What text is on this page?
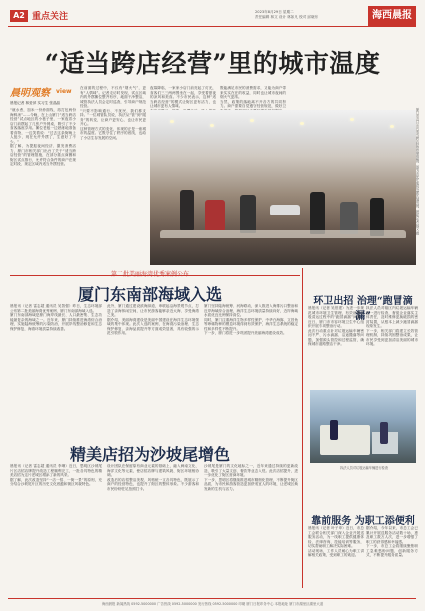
A2 重点关注	2023年8月29日 星期二
责任编辑 林文 设计 林如凡 校对 邱晓东	海西晨报
“适当跨店经营”里的城市温度
晨明观察 view
晨报记者 林爱萍 实习生 张晶晶
“就水煮，加米一份炒面线，再打包两份海鲜汤”……今晚，在上山厦门“适当跨店经营”试点地区的小巷子里，一家夜宵小店门前摆起了几张户外餐桌，吸引了不少食客落座享用。摊位老板一边熟练地准备着食物，一边笑着说：“过去这条街晚上人挺少，现在允许外摆了，生意好了不少。”
据了解，为提振夜间经济、激发消费活力，厦门市相关部门出台了关于“适当跨店经营”的管理措施，在部分重点商圈和街区试点推行，允许符合条件的商户在规定时段、规定区域内适当外摆经营。
在前面的过程中，不仅有“烟火气”，更有“人情味”。记者走访时发现，试点区域内的外摆摊位整齐有序，地面干净整洁，城管执法人员会定时巡查，引导商户规范经营。
“只要不影响通行、不扰民，我们都支持。”一位城管队员说，执法从“管”到“服务”的转变，让商户更安心，也让市民更开心。
这种管理方式的变化，体现的正是一座城市的温度。它既守住了秩序的底线，也给了小店生存发展的空间。
夜幕降临，一家家小店门前亮起了灯光，食客们三三两两围坐在一起，享受着夏夜的凉风和美食。不少市民表示，这种“适当跨店经营”的模式让街区更有活力，也让城市更有人情味。

既能满足市民的消费需求，又能为商户带来实实在在的收益，同时也让城市夜间的烟火气更浓。
当然，政策的落地离不开各方的共同努力。商户需要自觉遵守经营规范，做好卫

厦门市近日出台适当跨店经营管理措施，图为市民在夜间外摆区域用餐。晨报记者 林文 摄
厦门东南部海域入选
晨报讯（记者 雷志超 通讯员 吴智强）昨日，生态环境部公布第二批美丽海湾优秀案例，厦门东南部海域入选。
厦门东南部海域是厦门海岸线最长、人口最密集、生态功能最复杂的海域之一。近年来，厦门持续推进海湾综合治理，实施陆海统筹的污染防治，开展岸线整治修复和生态保护修复，海湾环境质量持续改善。
此外，厦门通过建设滨海绿道，串联起沿海景观节点，打造了亲海休闲空间，让市民游客能够亲近大海、享受海湾之美。
据介绍，美丽海湾建设是美丽中国建设在海洋生态环境领域的集中体现。此次入选的案例，在海湾污染治理、生态保护修复、亲海品质提升等方面成效显著，具有较强的示范引领作用。
厦门坚持陆海统筹、河海联动，深入推进入海排污口整治和近岸海域综合治理，海洋生态环境质量持续向好，近岸海域水质优良比例保持高位。
同时，厦门注重海洋生物多样性保护，中华白海豚、文昌鱼等珍稀物种的栖息环境得到有效保护，海洋生态系统的稳定性和多样性不断提升。
下一步，厦门将进一步巩固提升美丽海湾建设成效。
精美店招为沙坡尾增色
晨报讯（记者 雷志超 通讯员 李琳）近日，思明区沙坡尾片区店招店牌提升改造工程顺利完工，一批各具特色的精美店招为这片老城区增添了新的风采。
据了解，此次改造坚持“一店一招、一街一景”的原则，充分结合沙坡尾片区的历史文化底蕴和街区风貌特色。
设计团队在保留原有商业元素的基础上，融入闽南文化、海洋文化等元素，使店招店牌与建筑风貌、街区环境相协调。
改造后的店招整洁美观、风格统一又各具特色，既展示了商户的经营特色，也提升了街区的整体形象。不少游客和市民纷纷驻足拍照打卡。
沙坡尾是厦门的文化地标之一，近年来通过持续的更新改造，吸引了大量文创、餐饮等业态入驻。此次店招提升，进一步优化了街区营商环境。
下一步，思明区将继续推进城市精细化管理，不断提升街区品质，为市民和游客营造更加舒适宜人的环境，让老城区焕发新的生机与活力。
环卫出招 治理“跑冒滴漏”
晨报讯（记者 吴伯建）为进一步规范城市环境卫生管理，有效治理垃圾清运过程中的“跑冒滴漏”问题，近日，厦门市市容环境卫生中心组织开展专项整治行动。
此次行动重点针对垃圾运输车辆密闭不严、污水滴漏、沿途撒落等问题，加强源头管控和过程监管，确保城市道路整洁干净。
执法人员对辖区内垃圾运输车辆逐一进行检查，督促企业落实主体责任，及时维修更换破损的密封装置，从根本上减少跑冒滴漏现象发生。
下一步，相关部门将建立长效管理机制，持续巩固整治成果，让市民享受到更加清洁美丽的城市环境。
执法人员对垃圾运输车辆进行检查
靠前服务 为职工添便利
晨报讯（记者 叶子申）近日，市总工会联合相关部门深入企业开展送服务活动，为一线职工提供健康体检、法律咨询、技能培训等服务，切实帮助职工解决实际困难。
活动现场，工作人员耐心为职工讲解相关政策，受到职工的欢迎。
据介绍，今年以来，市总工会已累计开展送服务活动数十场，惠及职工数万人次，进一步增强了职工的获得感和幸福感。
下一步，市总工会将继续聚焦职工急难愁盼问题，创新服务方式，不断提升服务质量。
海西晨报 新闻热线 0592-5000000 广告热线 0592-5000000 发行热线 0592-5000000 印刷 厦门日报印务中心 本报地址 厦门市湖里区湖里大道
